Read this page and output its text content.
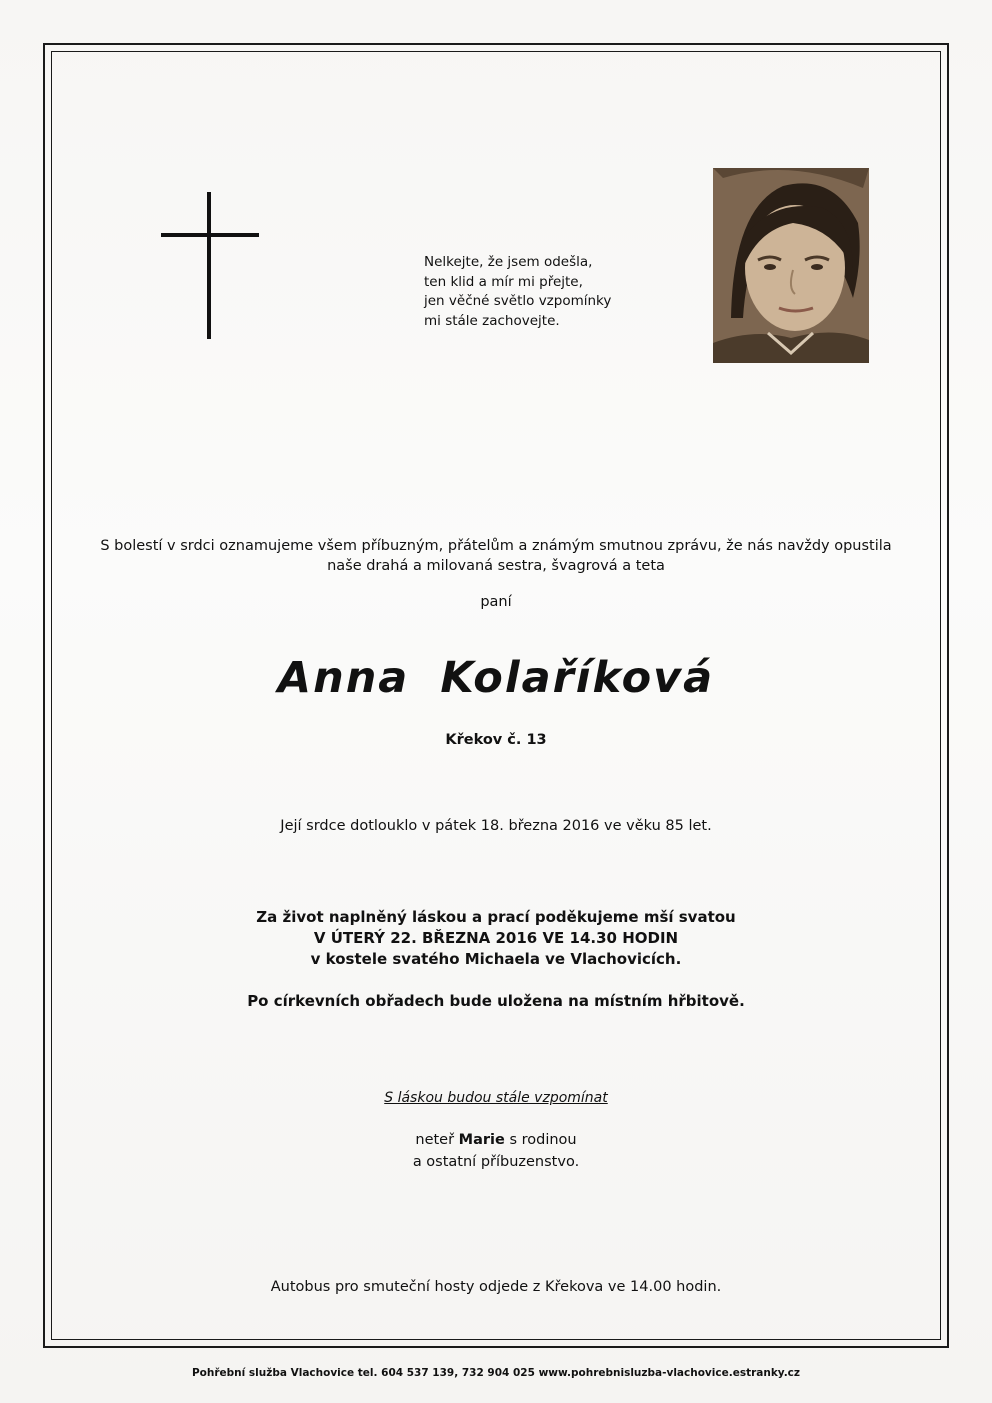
Nelkejte, že jsem odešla,
ten klid a mír mi přejte,
jen věčné světlo vzpomínky
mi stále zachovejte.
S bolestí v srdci oznamujeme všem příbuzným, přátelům a známým smutnou zprávu, že nás navždy opustila
naše drahá a milovaná sestra, švagrová a teta
paní
Anna Kolaříková
Křekov č. 13
Její srdce dotlouklo v pátek 18. března 2016 ve věku 85 let.
Za život naplněný láskou a prací poděkujeme mší svatou
V ÚTERÝ 22. BŘEZNA 2016 VE 14.30 HODIN
v kostele svatého Michaela ve Vlachovicích.
Po církevních obřadech bude uložena na místním hřbitově.
S láskou budou stále vzpomínat
neteř Marie s rodinou
a ostatní příbuzenstvo.
Autobus pro smuteční hosty odjede z Křekova ve 14.00 hodin.
Pohřební služba Vlachovice tel. 604 537 139, 732 904 025 www.pohrebnisluzba-vlachovice.estranky.cz
